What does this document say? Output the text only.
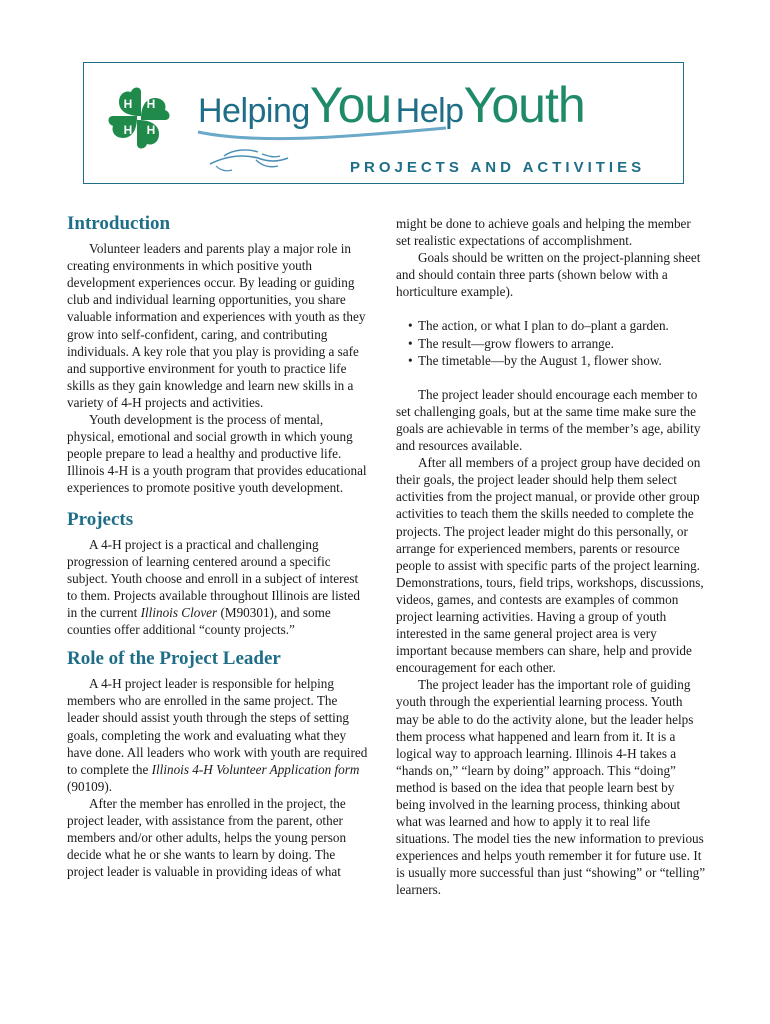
H H
H H HelpingYou HelpYouth
PROJECTS AND ACTIVITIES
Introduction

Volunteer leaders and parents play a major role in creating environments in which positive youth development experiences occur. By leading or guiding club and individual learning opportunities, you share valuable information and experiences with youth as they grow into self-confident, caring, and contributing individuals. A key role that you play is providing a safe and supportive environment for youth to practice life skills as they gain knowledge and learn new skills in a variety of 4-H projects and activities.

Youth development is the process of mental, physical, emotional and social growth in which young people prepare to lead a healthy and productive life. Illinois 4-H is a youth program that provides educational experiences to promote positive youth development.

Projects

A 4-H project is a practical and challenging progression of learning centered around a specific subject. Youth choose and enroll in a subject of interest to them. Projects available throughout Illinois are listed in the current Illinois Clover (M90301), and some counties offer additional “county projects.”

Role of the Project Leader

A 4-H project leader is responsible for helping members who are enrolled in the same project. The leader should assist youth through the steps of setting goals, completing the work and evaluating what they have done. All leaders who work with youth are required to complete the Illinois 4-H Volunteer Application form (90109).

After the member has enrolled in the project, the project leader, with assistance from the parent, other members and/or other adults, helps the young person decide what he or she wants to learn by doing. The project leader is valuable in providing ideas of what

might be done to achieve goals and helping the member set realistic expectations of accomplishment.

Goals should be written on the project-planning sheet and should contain three parts (shown below with a horticulture example).

• The action, or what I plan to do–plant a garden.
• The result—grow flowers to arrange.
• The timetable—by the August 1, flower show.

The project leader should encourage each member to set challenging goals, but at the same time make sure the goals are achievable in terms of the member’s age, ability and resources available.

After all members of a project group have decided on their goals, the project leader should help them select activities from the project manual, or provide other group activities to teach them the skills needed to complete the projects. The project leader might do this personally, or arrange for experienced members, parents or resource people to assist with specific parts of the project learning. Demonstrations, tours, field trips, workshops, discussions, videos, games, and contests are examples of common project learning activities. Having a group of youth interested in the same general project area is very important because members can share, help and provide encouragement for each other.

The project leader has the important role of guiding youth through the experiential learning process. Youth may be able to do the activity alone, but the leader helps them process what happened and learn from it. It is a logical way to approach learning. Illinois 4-H takes a “hands on,” “learn by doing” approach. This “doing” method is based on the idea that people learn best by being involved in the learning process, thinking about what was learned and how to apply it to real life situations. The model ties the new information to previous experiences and helps youth remember it for future use. It is usually more successful than just “showing” or “telling” learners.
